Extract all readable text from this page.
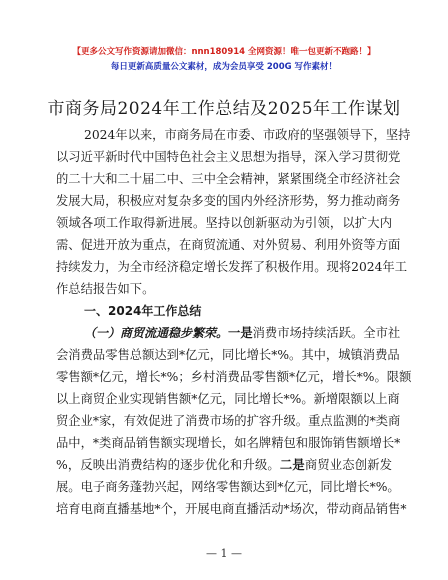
【更多公文写作资源请加微信：nnn180914 全网资源！唯一包更新不跑路！】
每日更新高质量公文素材，成为会员享受 200G 写作素材！
市商务局2024年工作总结及2025年工作谋划
2024年以来，市商务局在市委、市政府的坚强领导下，坚持
以习近平新时代中国特色社会主义思想为指导，深入学习贯彻党
的二十大和二十届二中、三中全会精神，紧紧围绕全市经济社会
发展大局，积极应对复杂多变的国内外经济形势，努力推动商务
领域各项工作取得新进展。坚持以创新驱动为引领，以扩大内
需、促进开放为重点，在商贸流通、对外贸易、利用外资等方面
持续发力，为全市经济稳定增长发挥了积极作用。现将2024年工
作总结报告如下。
一、2024年工作总结
（一）商贸流通稳步繁荣。一是消费市场持续活跃。全市社
会消费品零售总额达到*亿元，同比增长*%。其中，城镇消费品
零售额*亿元，增长*%；乡村消费品零售额*亿元，增长*%。限额
以上商贸企业实现销售额*亿元，同比增长*%。新增限额以上商
贸企业*家，有效促进了消费市场的扩容升级。重点监测的*类商
品中，*类商品销售额实现增长，如名牌精包和服饰销售额增长*
%，反映出消费结构的逐步优化和升级。二是商贸业态创新发
展。电子商务蓬勃兴起，网络零售额达到*亿元，同比增长*%。
培育电商直播基地*个，开展电商直播活动*场次，带动商品销售*
— 1 —
